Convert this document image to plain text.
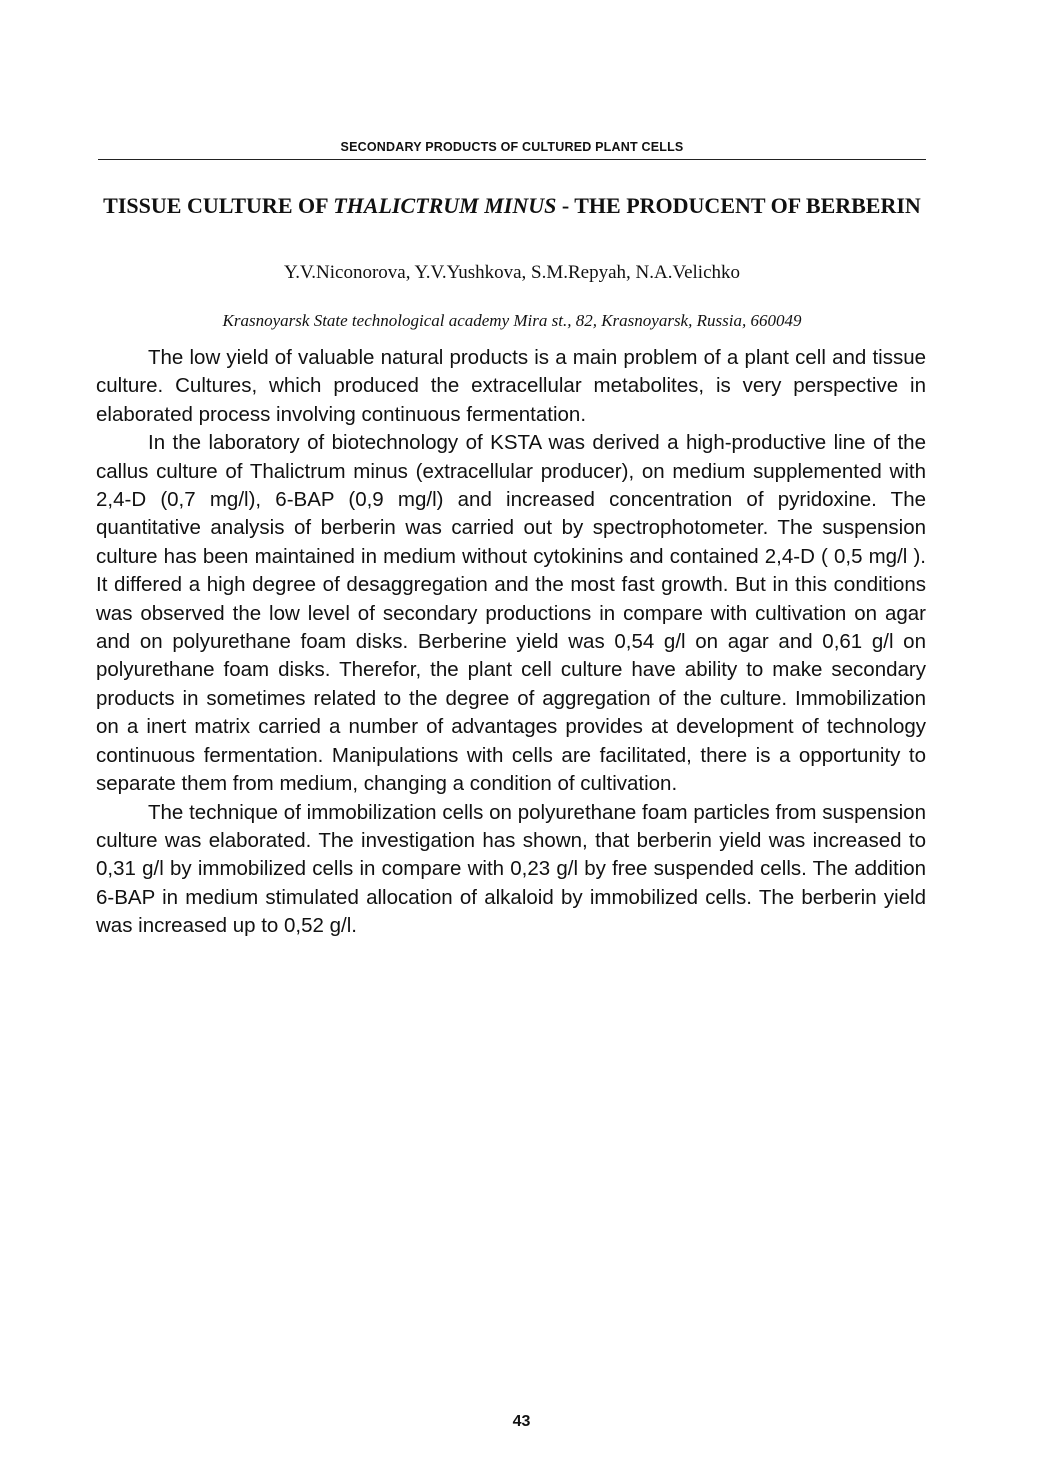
SECONDARY PRODUCTS OF CULTURED PLANT CELLS
TISSUE CULTURE OF THALICTRUM MINUS - THE PRODUCENT OF BERBERIN
Y.V.Niconorova, Y.V.Yushkova, S.M.Repyah, N.A.Velichko
Krasnoyarsk State technological academy Mira st., 82, Krasnoyarsk, Russia, 660049

The low yield of valuable natural products is a main problem of a plant cell and tissue culture. Cultures, which produced the extracellular metabolites, is very perspective in elaborated process involving continuous fermentation.

In the laboratory of biotechnology of KSTA was derived a high-productive line of the callus culture of Thalictrum minus (extracellular producer), on medium supplemented with 2,4-D (0,7 mg/l), 6-BAP (0,9 mg/l) and increased concentration of pyridoxine. The quantitative analysis of berberin was carried out by spectrophotometer. The suspension culture has been maintained in medium without cytokinins and contained 2,4-D ( 0,5 mg/l ). It differed a high degree of desaggregation and the most fast growth. But in this conditions was observed the low level of secondary productions in compare with cultivation on agar and on polyurethane foam disks. Berberine yield was 0,54 g/l on agar and 0,61 g/l on polyurethane foam disks. Therefor, the plant cell culture have ability to make secondary products in sometimes related to the degree of aggregation of the culture. Immobilization on a inert matrix carried a number of advantages provides at development of technology continuous fermentation. Manipulations with cells are facilitated, there is a opportunity to separate them from medium, changing a condition of cultivation.

The technique of immobilization cells on polyurethane foam particles from suspension culture was elaborated. The investigation has shown, that berberin yield was increased to 0,31 g/l by immobilized cells in compare with 0,23 g/l by free suspended cells. The addition 6-BAP in medium stimulated allocation of alkaloid by immobilized cells. The berberin yield was increased up to 0,52 g/l.

43
